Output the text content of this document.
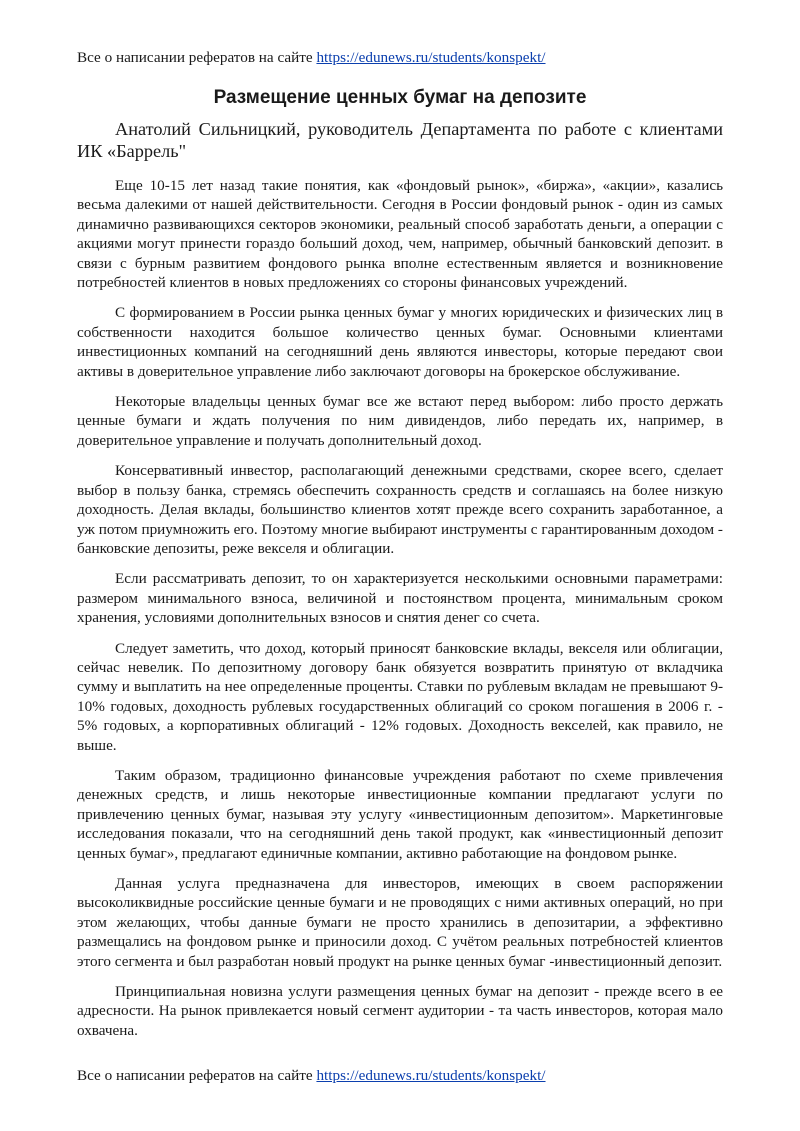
Все о написании рефератов на сайте https://edunews.ru/students/konspekt/
Размещение ценных бумаг на депозите

Анатолий Сильницкий, руководитель Департамента по работе с клиентами ИК «Баррель"

Еще 10-15 лет назад такие понятия, как «фондовый рынок», «биржа», «акции», казались весьма далекими от нашей действительности. Сегодня в России фондовый рынок - один из самых динамично развивающихся секторов экономики, реальный способ заработать деньги, а операции с акциями могут принести гораздо больший доход, чем, например, обычный банковский депозит. в связи с бурным развитием фондового рынка вполне естественным является и возникновение потребностей клиентов в новых предложениях со стороны финансовых учреждений.

С формированием в России рынка ценных бумаг у многих юридических и физических лиц в собственности находится большое количество ценных бумаг. Основными клиентами инвестиционных компаний на сегодняшний день являются инвесторы, которые передают свои активы в доверительное управление либо заключают договоры на брокерское обслуживание.

Некоторые владельцы ценных бумаг все же встают перед выбором: либо просто держать ценные бумаги и ждать получения по ним дивидендов, либо передать их, например, в доверительное управление и получать дополнительный доход.

Консервативный инвестор, располагающий денежными средствами, скорее всего, сделает выбор в пользу банка, стремясь обеспечить сохранность средств и соглашаясь на более низкую доходность. Делая вклады, большинство клиентов хотят прежде всего сохранить заработанное, а уж потом приумножить его. Поэтому многие выбирают инструменты с гарантированным доходом - банковские депозиты, реже векселя и облигации.

Если рассматривать депозит, то он характеризуется несколькими основными параметрами: размером минимального взноса, величиной и постоянством процента, минимальным сроком хранения, условиями дополнительных взносов и снятия денег со счета.

Следует заметить, что доход, который приносят банковские вклады, векселя или облигации, сейчас невелик. По депозитному договору банк обязуется возвратить принятую от вкладчика сумму и выплатить на нее определенные проценты. Ставки по рублевым вкладам не превышают 9-10% годовых, доходность рублевых государственных облигаций со сроком погашения в 2006 г. - 5% годовых, а корпоративных облигаций - 12% годовых. Доходность векселей, как правило, не выше.

Таким образом, традиционно финансовые учреждения работают по схеме привлечения денежных средств, и лишь некоторые инвестиционные компании предлагают услуги по привлечению ценных бумаг, называя эту услугу «инвестиционным депозитом». Маркетинговые исследования показали, что на сегодняшний день такой продукт, как «инвестиционный депозит ценных бумаг», предлагают единичные компании, активно работающие на фондовом рынке.

Данная услуга предназначена для инвесторов, имеющих в своем распоряжении высоколиквидные российские ценные бумаги и не проводящих с ними активных операций, но при этом желающих, чтобы данные бумаги не просто хранились в депозитарии, а эффективно размещались на фондовом рынке и приносили доход. С учётом реальных потребностей клиентов этого сегмента и был разработан новый продукт на рынке ценных бумаг -инвестиционный депозит.

Принципиальная новизна услуги размещения ценных бумаг на депозит - прежде всего в ее адресности. На рынок привлекается новый сегмент аудитории - та часть инвесторов, которая мало охвачена.

Все о написании рефератов на сайте https://edunews.ru/students/konspekt/
